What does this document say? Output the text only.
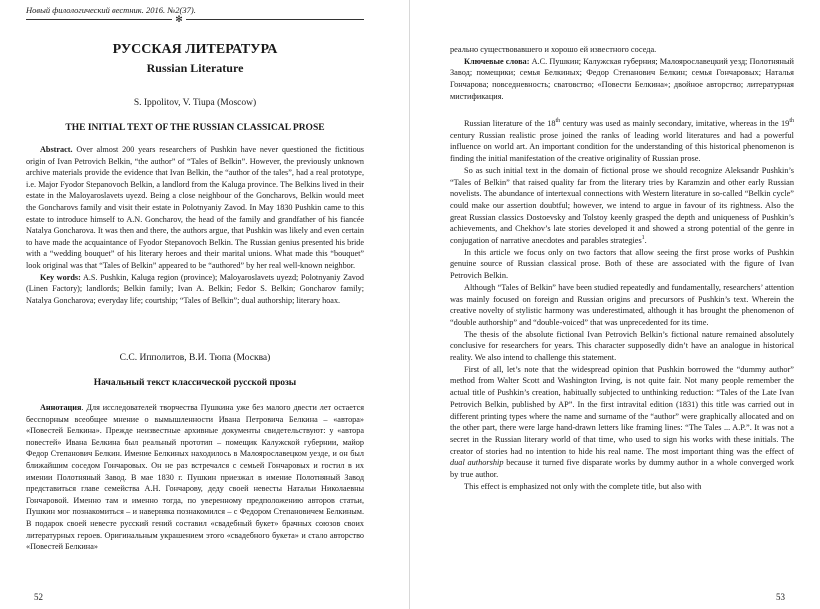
Новый филологический вестник. 2016. №2(37).
✻
РУССКАЯ ЛИТЕРАТУРА
Russian Literature
S. Ippolitov, V. Tiupa (Moscow)
THE INITIAL TEXT OF THE RUSSIAN CLASSICAL PROSE

Abstract. Over almost 200 years researchers of Pushkin have never questioned the fictitious origin of Ivan Petrovich Belkin, “the author” of “Tales of Belkin”. However, the previously unknown archive materials provide the evidence that Ivan Belkin, the “author of the tales”, had a real prototype, i.e. Major Fyodor Stepanovoch Belkin, a landlord from the Kaluga province. The Belkins lived in their estate in the Maloyaroslavets uyezd. Being a close neighbour of the Goncharovs, Belkin would meet the Goncharovs family and visit their estate in Polotnyaniy Zavod. In May 1830 Pushkin came to this estate to introduce himself to A.N. Goncharov, the head of the family and grandfather of his fiancée Natalya Goncharova. It was then and there, the authors argue, that Pushkin was likely and even certain to have made the acquaintance of Fyodor Stepanovoch Belkin. The Russian genius presented his bride with a “wedding bouquet” of his literary heroes and their marital unions. What made this “bouquet” look original was that “Tales of Belkin” appeared to be “authored” by her real well-known neighbor.

Key words: A.S. Pushkin, Kaluga region (province); Maloyaroslavets uyezd; Polotnyaniy Zavod (Linen Factory); landlords; Belkin family; Ivan A. Belkin; Fedor S. Belkin; Goncharov family; Natalya Goncharova; everyday life; courtship; “Tales of Belkin”; dual authorship; literary hoax.

С.С. Ипполитов, В.И. Тюпа (Москва)
Начальный текст классической русской прозы

Аннотация. Для исследователей творчества Пушкина уже без малого двести лет остается бесспорным всеобщее мнение о вымышленности Ивана Петровича Белкина – «автора» «Повестей Белкина». Прежде неизвестные архивные документы свидетельствуют: у «автора повестей» Ивана Белкина был реальный прототип – помещик Калужской губернии, майор Федор Степанович Белкин. Имение Белкиных находилось в Малоярославецком уезде, и он был ближайшим соседом Гончаровых. Он не раз встречался с семьей Гончаровых и гостил в их имении Полотняный Завод. В мае 1830 г. Пушкин приезжал в имение Полотняный Завод представиться главе семейства А.Н. Гончарову, деду своей невесты Натальи Николаевны Гончаровой. Именно там и именно тогда, по уверенному предположению авторов статьи, Пушкин мог познакомиться – и наверняка познакомился – с Федором Степановичем Белкиным. В подарок своей невесте русский гений составил «свадебный букет» брачных союзов своих литературных героев. Оригинальным украшением этого «свадебного букета» и стало авторство «Повестей Белкина»

52

реально существовавшего и хорошо ей известного соседа.

Ключевые слова: А.С. Пушкин; Калужская губерния; Малоярославецкий уезд; Полотняный Завод; помещики; семья Белкиных; Федор Степанович Белкин; семья Гончаровых; Наталья Гончарова; повседневность; сватовство; «Повести Белкина»; двойное авторство; литературная мистификация.

Russian literature of the 18th century was used as mainly secondary, imitative, whereas in the 19th century Russian realistic prose joined the ranks of leading world literatures and had a powerful influence on world art. An important condition for the understanding of this historical phenomenon is finding the initial manifestation of the creative originality of Russian prose.

So as such initial text in the domain of fictional prose we should recognize Aleksandr Pushkin’s “Tales of Belkin” that raised quality far from the literary tries by Karamzin and other early Russian novelists. The abundance of intertexual connections with Western literature in so-called “Belkin cycle” could make our assertion doubtful; however, we intend to argue in favour of its rightness. Also the great Russian classics Dostoevsky and Tolstoy keenly grasped the depth and uniqueness of Pushkin’s achievements, and Chekhov’s late stories developed it and showed a strong potential of the genre in conjugation of narrative anecdotes and parables strategies$^1$.

In this article we focus only on two factors that allow seeing the first prose works of Pushkin genuine source of Russian classical prose. Both of these are associated with the figure of Ivan Petrovich Belkin.

Although “Tales of Belkin” have been studied repeatedly and fundamentally, researchers’ attention was mainly focused on foreign and Russian origins and precursors of Pushkin’s text. Wherein the creative novelty of stylistic harmony was underestimated, although it has brought the phenomenon of “double authorship” and “double-voiced” that was unprecedented for its time.

The thesis of the absolute fictional Ivan Petrovich Belkin’s fictional nature remained absolutely conclusive for researchers for years. This character supposedly didn’t have an analogue in historical reality. We also intend to challenge this statement.

First of all, let’s note that the widespread opinion that Pushkin borrowed the “dummy author” method from Walter Scott and Washington Irving, is not quite fair. Not many people remember the actual title of Pushkin’s creation, habitually subjected to unthinking reduction: “Tales of the Late Ivan Petrovich Belkin, published by AP”. In the first intravital edition (1831) this title was carried out in different printing types where the name and surname of the “author” were graphically allocated and on the other part, there were large hand-drawn letters like framing lines: “The Tales ... A.P.”. It was not a secret in the Russian literary world of that time, who used to sign his works with these initials. The creator of stories had no intention to hide his real name. The most important thing was the effect of dual authorship because it turned five disparate works by dummy author in a whole converged work by true author.

This effect is emphasized not only with the complete title, but also with

53
